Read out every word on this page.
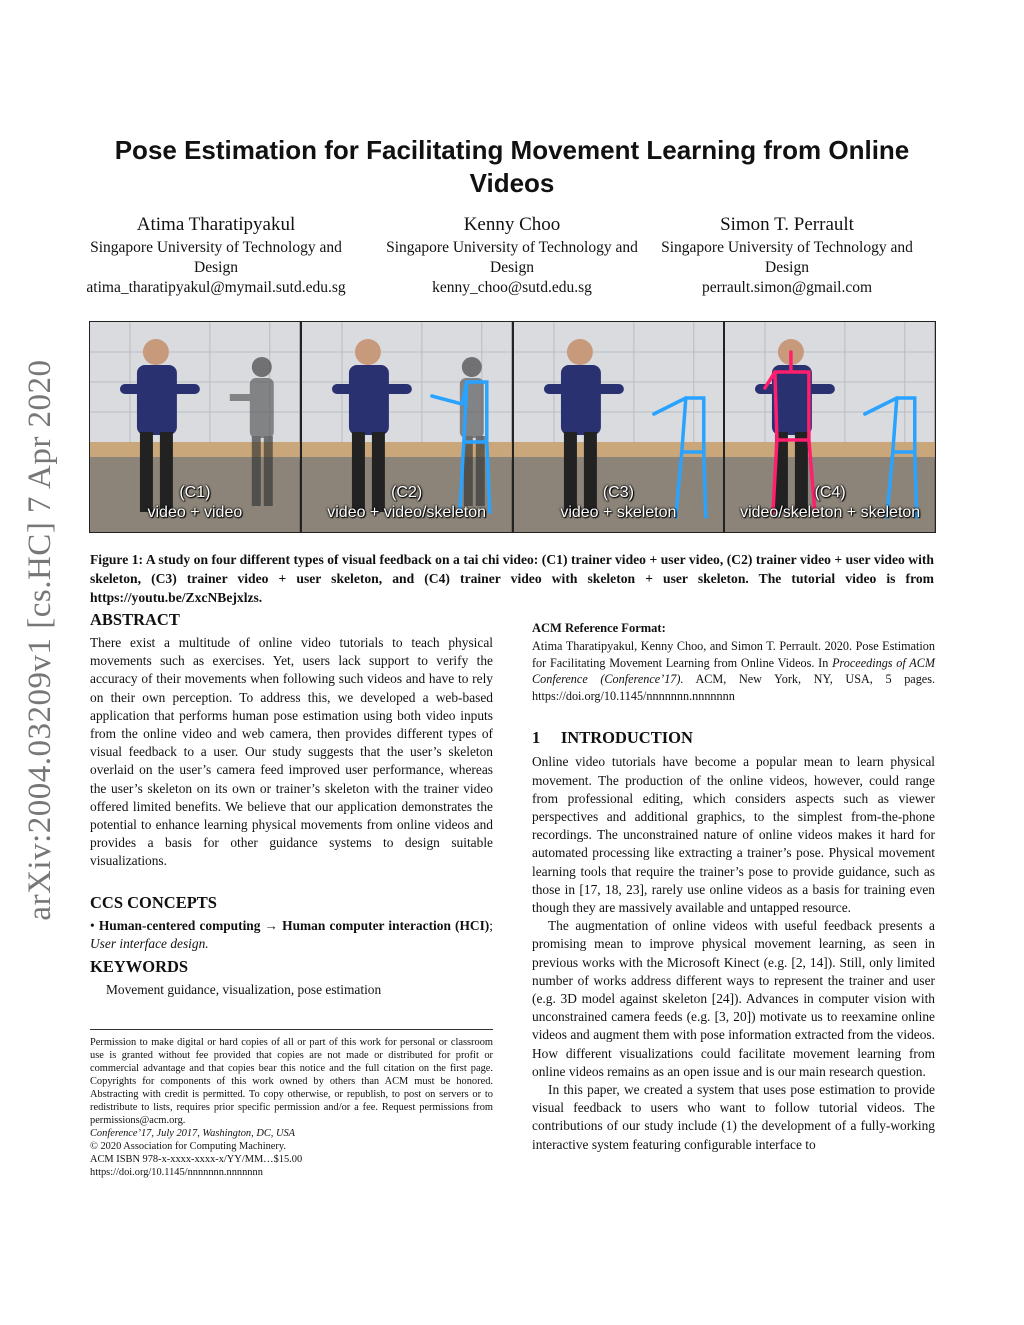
Pose Estimation for Facilitating Movement Learning from Online Videos
Atima Tharatipyakul
Singapore University of Technology and Design
atima_tharatipyakul@mymail.sutd.edu.sg
Kenny Choo
Singapore University of Technology and Design
kenny_choo@sutd.edu.sg
Simon T. Perrault
Singapore University of Technology and Design
perrault.simon@gmail.com
arXiv:2004.03209v1 [cs.HC] 7 Apr 2020	(C1)
video + video
(C2)
video + video/skeleton
(C3)
video + skeleton
(C4)
video/skeleton + skeleton
Figure 1: A study on four different types of visual feedback on a tai chi video: (C1) trainer video + user video, (C2) trainer video + user video with skeleton, (C3) trainer video + user skeleton, and (C4) trainer video with skeleton + user skeleton. The tutorial video is from https://youtu.be/ZxcNBejxlzs.
ABSTRACT

There exist a multitude of online video tutorials to teach physical movements such as exercises. Yet, users lack support to verify the accuracy of their movements when following such videos and have to rely on their own perception. To address this, we developed a web-based application that performs human pose estimation using both video inputs from the online video and web camera, then provides different types of visual feedback to a user. Our study suggests that the user’s skeleton overlaid on the user’s camera feed improved user performance, whereas the user’s skeleton on its own or trainer’s skeleton with the trainer video offered limited benefits. We believe that our application demonstrates the potential to enhance learning physical movements from online videos and provides a basis for other guidance systems to design suitable visualizations.

CCS CONCEPTS

• Human-centered computing → Human computer interaction (HCI); User interface design.

KEYWORDS

Movement guidance, visualization, pose estimation

Permission to make digital or hard copies of all or part of this work for personal or classroom use is granted without fee provided that copies are not made or distributed for profit or commercial advantage and that copies bear this notice and the full citation on the first page. Copyrights for components of this work owned by others than ACM must be honored. Abstracting with credit is permitted. To copy otherwise, or republish, to post on servers or to redistribute to lists, requires prior specific permission and/or a fee. Request permissions from permissions@acm.org.

Conference’17, July 2017, Washington, DC, USA

© 2020 Association for Computing Machinery.

ACM ISBN 978-x-xxxx-xxxx-x/YY/MM…$15.00

https://doi.org/10.1145/nnnnnnn.nnnnnnn

ACM Reference Format:

Atima Tharatipyakul, Kenny Choo, and Simon T. Perrault. 2020. Pose Estimation for Facilitating Movement Learning from Online Videos. In Proceedings of ACM Conference (Conference’17). ACM, New York, NY, USA, 5 pages. https://doi.org/10.1145/nnnnnnn.nnnnnnn

1     INTRODUCTION

Online video tutorials have become a popular mean to learn physical movement. The production of the online videos, however, could range from professional editing, which considers aspects such as viewer perspectives and additional graphics, to the simplest from-the-phone recordings. The unconstrained nature of online videos makes it hard for automated processing like extracting a trainer’s pose. Physical movement learning tools that require the trainer’s pose to provide guidance, such as those in [17, 18, 23], rarely use online videos as a basis for training even though they are massively available and untapped resource.

The augmentation of online videos with useful feedback presents a promising mean to improve physical movement learning, as seen in previous works with the Microsoft Kinect (e.g. [2, 14]). Still, only limited number of works address different ways to represent the trainer and user (e.g. 3D model against skeleton [24]). Advances in computer vision with unconstrained camera feeds (e.g. [3, 20]) motivate us to reexamine online videos and augment them with pose information extracted from the videos. How different visualizations could facilitate movement learning from online videos remains as an open issue and is our main research question.

In this paper, we created a system that uses pose estimation to provide visual feedback to users who want to follow tutorial videos. The contributions of our study include (1) the development of a fully-working interactive system featuring configurable interface to
